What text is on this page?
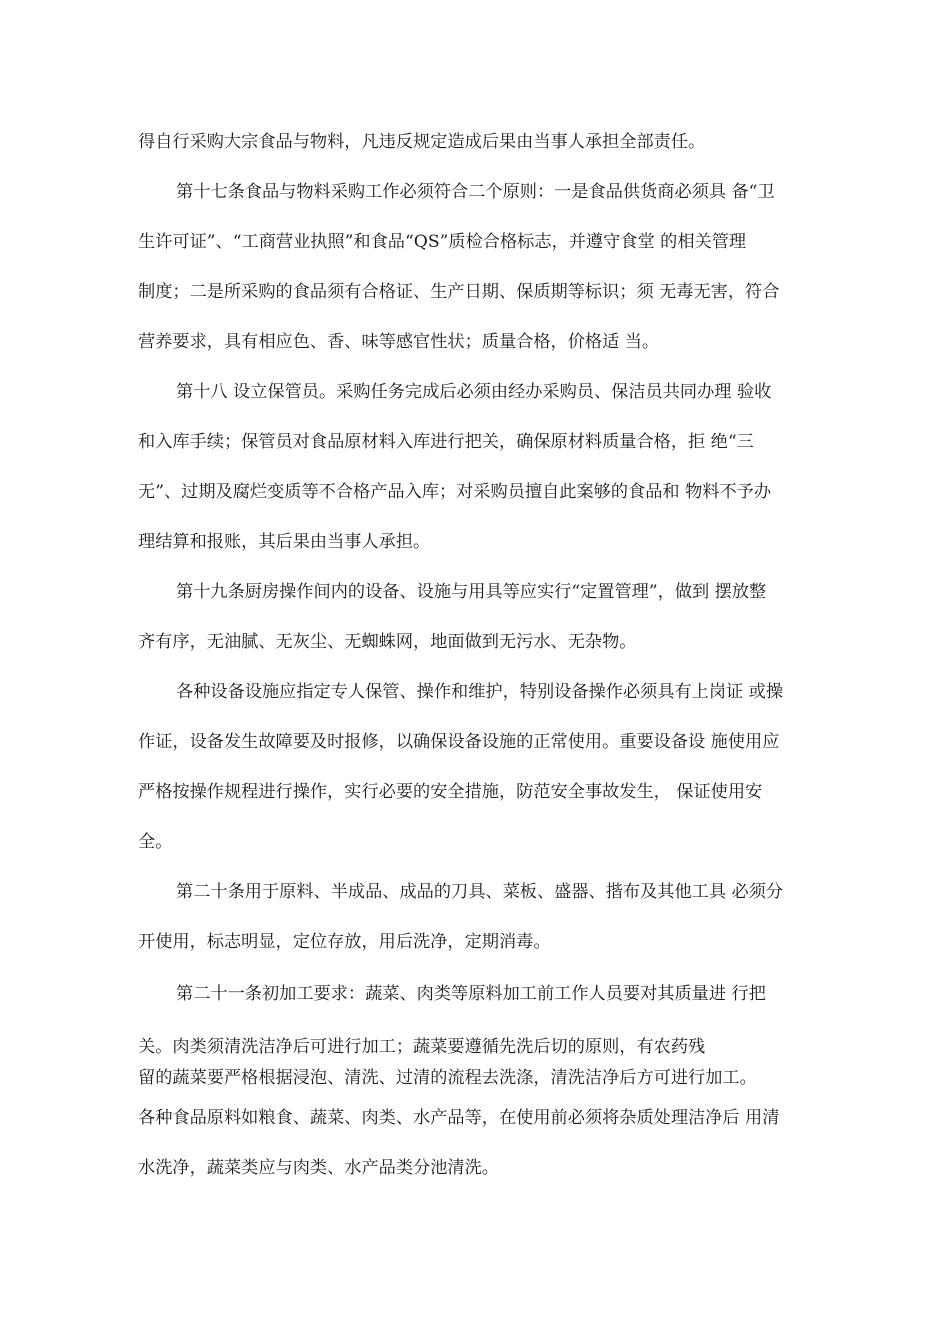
得自行采购大宗食品与物料，凡违反规定造成后果由当事人承担全部责任。
第十七条食品与物料采购工作必须符合二个原则：一是食品供货商必须具 备“卫
生许可证”、“工商营业执照”和食品“QS”质检合格标志，并遵守食堂 的相关管理
制度；二是所采购的食品须有合格证、生产日期、保质期等标识；须 无毒无害，符合
营养要求，具有相应色、香、味等感官性状；质量合格，价格适 当。
第十八 设立保管员。采购任务完成后必须由经办采购员、保洁员共同办理 验收
和入库手续；保管员对食品原材料入库进行把关，确保原材料质量合格，拒 绝“三
无”、过期及腐烂变质等不合格产品入库；对采购员擅自此案够的食品和 物料不予办
理结算和报账，其后果由当事人承担。
第十九条厨房操作间内的设备、设施与用具等应实行“定置管理”，做到 摆放整
齐有序，无油腻、无灰尘、无蜘蛛网，地面做到无污水、无杂物。
各种设备设施应指定专人保管、操作和维护，特别设备操作必须具有上岗证 或操
作证，设备发生故障要及时报修，以确保设备设施的正常使用。重要设备设 施使用应
严格按操作规程进行操作，实行必要的安全措施，防范安全事故发生， 保证使用安
全。
第二十条用于原料、半成品、成品的刀具、菜板、盛器、揩布及其他工具 必须分
开使用，标志明显，定位存放，用后洗净，定期消毒。
第二十一条初加工要求：蔬菜、肉类等原料加工前工作人员要对其质量进 行把
关。肉类须清洗洁净后可进行加工；蔬菜要遵循先洗后切的原则，有农药残
留的蔬菜要严格根据浸泡、清洗、过清的流程去洗涤，清洗洁净后方可进行加工。
各种食品原料如粮食、蔬菜、肉类、水产品等，在使用前必须将杂质处理洁净后 用清
水洗净，蔬菜类应与肉类、水产品类分池清洗。
